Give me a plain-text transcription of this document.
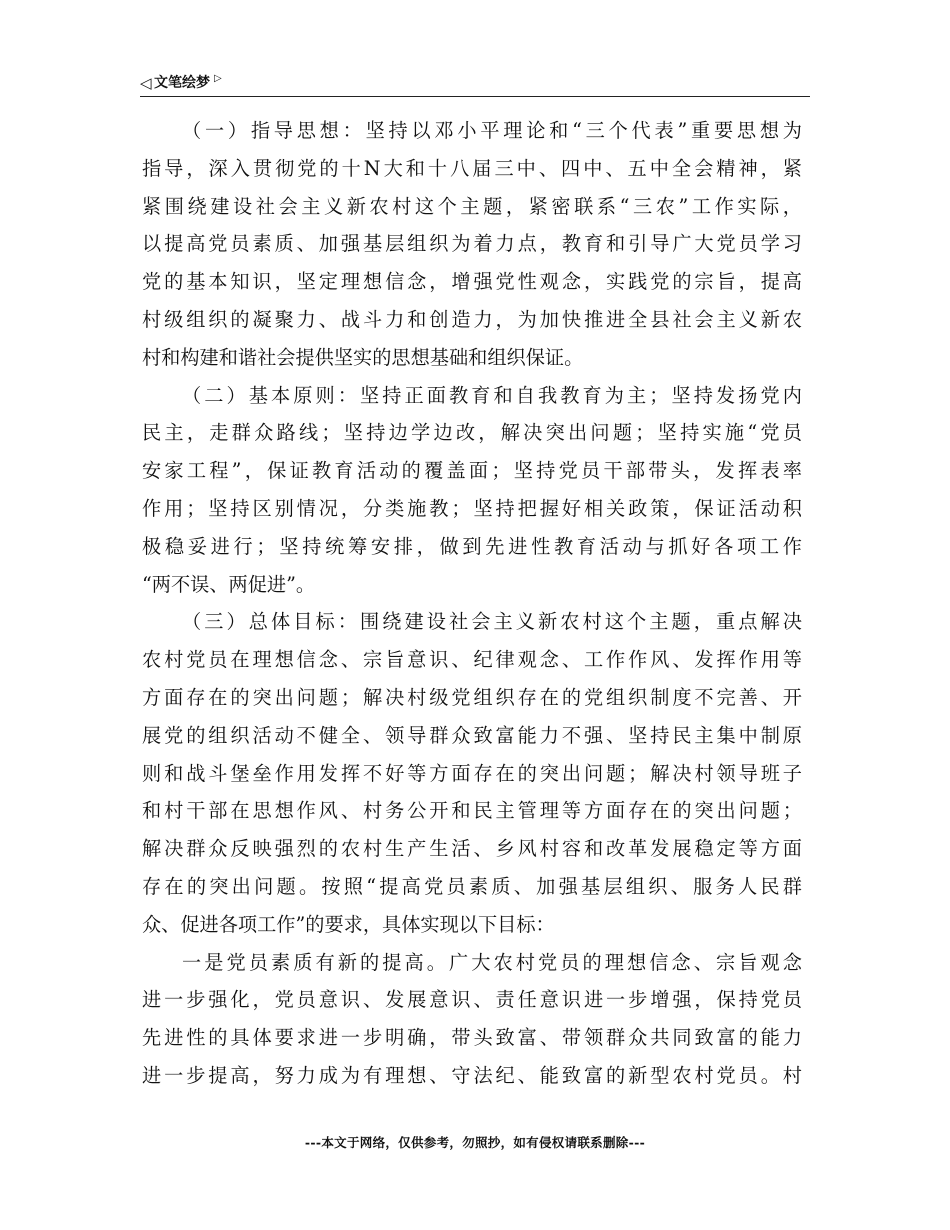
◁ 文笔绘梦 ▷
（一）指导思想：坚持以邓小平理论和“三个代表”重要思想为
指导，深入贯彻党的十N大和十八届三中、四中、五中全会精神，紧
紧围绕建设社会主义新农村这个主题，紧密联系“三农”工作实际，
以提高党员素质、加强基层组织为着力点，教育和引导广大党员学习
党的基本知识，坚定理想信念，增强党性观念，实践党的宗旨，提高
村级组织的凝聚力、战斗力和创造力，为加快推进全县社会主义新农
村和构建和谐社会提供坚实的思想基础和组织保证。
（二）基本原则：坚持正面教育和自我教育为主；坚持发扬党内
民主，走群众路线；坚持边学边改，解决突出问题；坚持实施“党员
安家工程”，保证教育活动的覆盖面；坚持党员干部带头，发挥表率
作用；坚持区别情况，分类施教；坚持把握好相关政策，保证活动积
极稳妥进行；坚持统筹安排，做到先进性教育活动与抓好各项工作
“两不误、两促进”。
（三）总体目标：围绕建设社会主义新农村这个主题，重点解决
农村党员在理想信念、宗旨意识、纪律观念、工作作风、发挥作用等
方面存在的突出问题；解决村级党组织存在的党组织制度不完善、开
展党的组织活动不健全、领导群众致富能力不强、坚持民主集中制原
则和战斗堡垒作用发挥不好等方面存在的突出问题；解决村领导班子
和村干部在思想作风、村务公开和民主管理等方面存在的突出问题；
解决群众反映强烈的农村生产生活、乡风村容和改革发展稳定等方面
存在的突出问题。按照“提高党员素质、加强基层组织、服务人民群
众、促进各项工作”的要求，具体实现以下目标：
一是党员素质有新的提高。广大农村党员的理想信念、宗旨观念
进一步强化，党员意识、发展意识、责任意识进一步增强，保持党员
先进性的具体要求进一步明确，带头致富、带领群众共同致富的能力
进一步提高，努力成为有理想、守法纪、能致富的新型农村党员。村
---本文于网络，仅供参考，勿照抄，如有侵权请联系删除---
